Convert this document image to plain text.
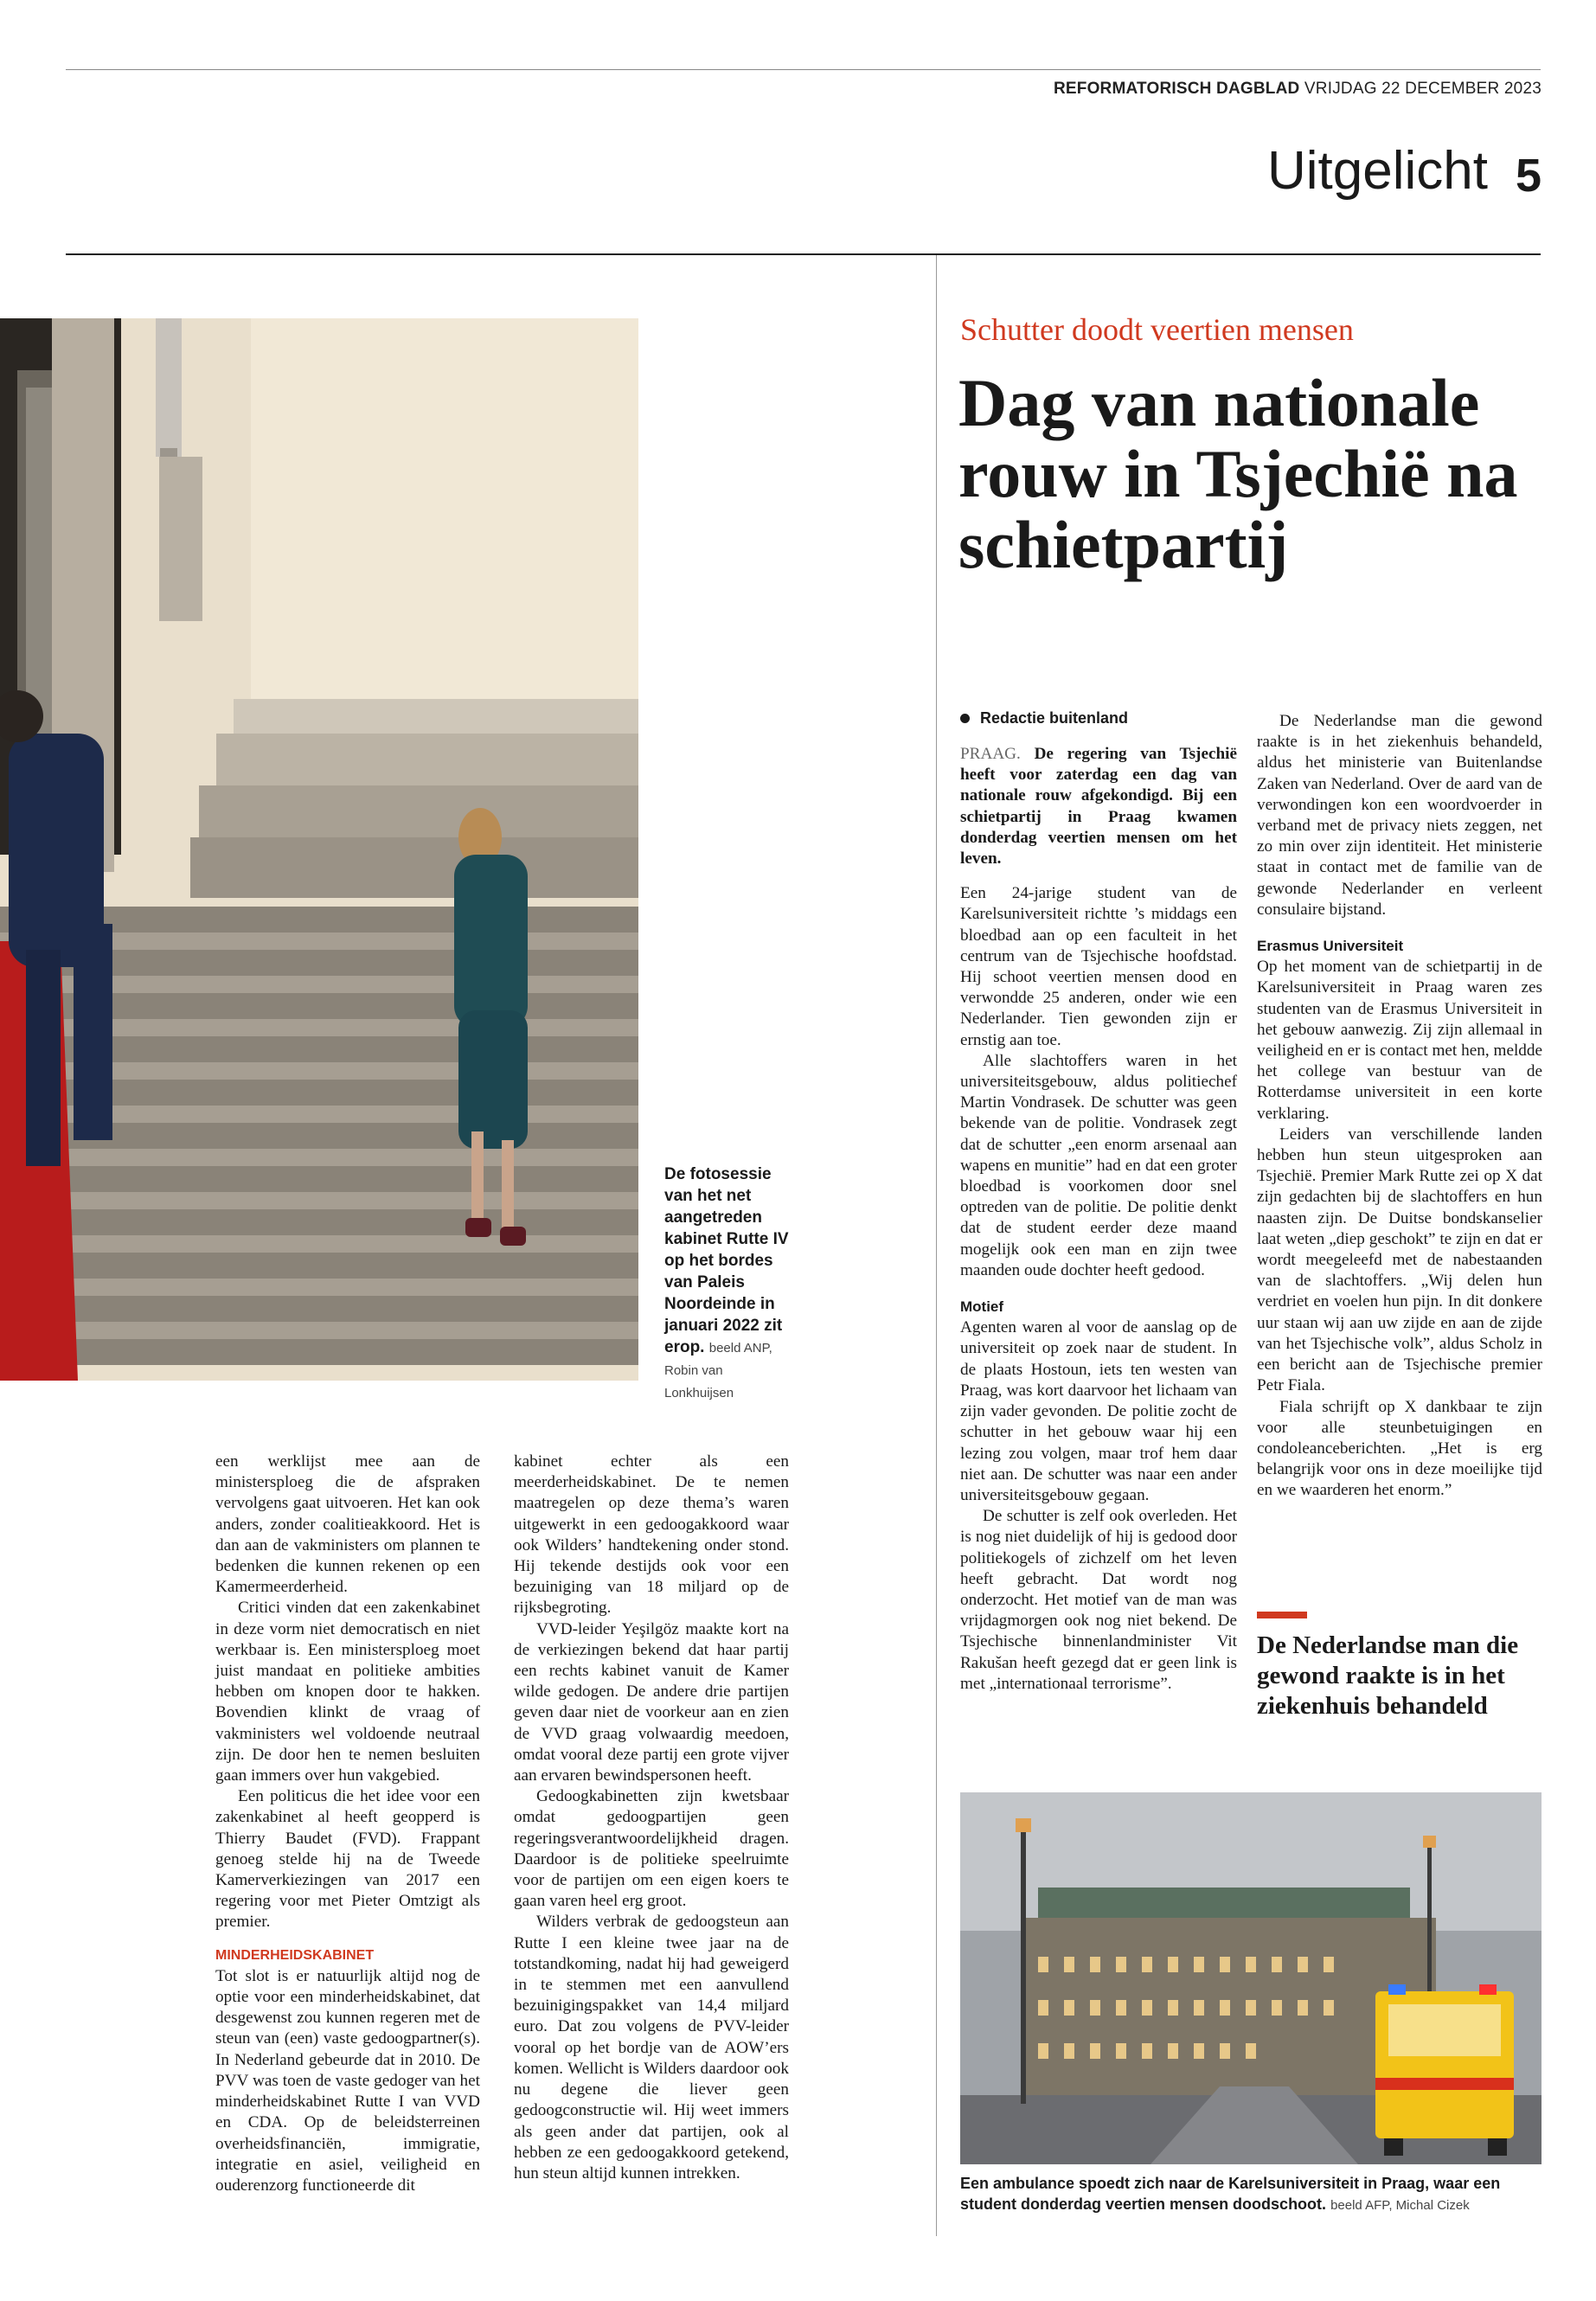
REFORMATORISCH DAGBLAD VRIJDAG 22 DECEMBER 2023
Uitgelicht 5
De fotosessie van het net aangetreden kabinet Rutte IV op het bordes van Paleis Noordeinde in januari 2022 zit erop. beeld ANP, Robin van Lonkhuijsen

een werklijst mee aan de ministersploeg die de afspraken vervolgens gaat uitvoeren. Het kan ook anders, zonder coalitieakkoord. Het is dan aan de vakministers om plannen te bedenken die kunnen rekenen op een Kamermeerderheid.

Critici vinden dat een zakenkabinet in deze vorm niet democratisch en niet werkbaar is. Een ministersploeg moet juist mandaat en politieke ambities hebben om knopen door te hakken. Bovendien klinkt de vraag of vakministers wel voldoende neutraal zijn. De door hen te nemen besluiten gaan immers over hun vakgebied.

Een politicus die het idee voor een zakenkabinet al heeft geopperd is Thierry Baudet (FVD). Frappant genoeg stelde hij na de Tweede Kamerverkiezingen van 2017 een regering voor met Pieter Omtzigt als premier.

MINDERHEIDSKABINET

Tot slot is er natuurlijk altijd nog de optie voor een minderheidskabinet, dat desgewenst zou kunnen regeren met de steun van (een) vaste gedoogpartner(s). In Nederland gebeurde dat in 2010. De PVV was toen de vaste gedoger van het minderheidskabinet Rutte I van VVD en CDA. Op de beleidsterreinen overheidsfinanciën, immigratie, integratie en asiel, veiligheid en ouderenzorg functioneerde dit

kabinet echter als een meerderheidskabinet. De te nemen maatregelen op deze thema’s waren uitgewerkt in een gedoogakkoord waar ook Wilders’ handtekening onder stond. Hij tekende destijds ook voor een bezuiniging van 18 miljard op de rijksbegroting.

VVD-leider Yeşilgöz maakte kort na de verkiezingen bekend dat haar partij een rechts kabinet vanuit de Kamer wilde gedogen. De andere drie partijen geven daar niet de voorkeur aan en zien de VVD graag volwaardig meedoen, omdat vooral deze partij een grote vijver aan ervaren bewindspersonen heeft.

Gedoogkabinetten zijn kwetsbaar omdat gedoogpartijen geen regeringsverantwoordelijkheid dragen. Daardoor is de politieke speelruimte voor de partijen om een eigen koers te gaan varen heel erg groot.

Wilders verbrak de gedoogsteun aan Rutte I een kleine twee jaar na de totstandkoming, nadat hij had geweigerd in te stemmen met een aanvullend bezuinigingspakket van 14,4 miljard euro. Dat zou volgens de PVV-leider vooral op het bordje van de AOW’ers komen. Wellicht is Wilders daardoor ook nu degene die liever geen gedoogconstructie wil. Hij weet immers als geen ander dat partijen, ook al hebben ze een gedoogakkoord getekend, hun steun altijd kunnen intrekken.

Schutter doodt veertien mensen
Dag van nationale rouw in Tsjechië na schietpartij
Redactie buitenland

PRAAG. De regering van Tsjechië heeft voor zaterdag een dag van nationale rouw afgekondigd. Bij een schietpartij in Praag kwamen donderdag veertien mensen om het leven.

Een 24-jarige student van de Karelsuniversiteit richtte ’s middags een bloedbad aan op een faculteit in het centrum van de Tsjechische hoofdstad. Hij schoot veertien mensen dood en verwondde 25 anderen, onder wie een Nederlander. Tien gewonden zijn er ernstig aan toe.

Alle slachtoffers waren in het universiteitsgebouw, aldus politiechef Martin Vondrasek. De schutter was geen bekende van de politie. Vondrasek zegt dat de schutter „een enorm arsenaal aan wapens en munitie” had en dat een groter bloedbad is voorkomen door snel optreden van de politie. De politie denkt dat de student eerder deze maand mogelijk ook een man en zijn twee maanden oude dochter heeft gedood.

Motief

Agenten waren al voor de aanslag op de universiteit op zoek naar de student. In de plaats Hostoun, iets ten westen van Praag, was kort daarvoor het lichaam van zijn vader gevonden. De politie zocht de schutter in het gebouw waar hij een lezing zou volgen, maar trof hem daar niet aan. De schutter was naar een ander universiteitsgebouw gegaan.

De schutter is zelf ook overleden. Het is nog niet duidelijk of hij is gedood door politiekogels of zichzelf om het leven heeft gebracht. Dat wordt nog onderzocht. Het motief van de man was vrijdagmorgen ook nog niet bekend. De Tsjechische binnenlandminister Vit Rakušan heeft gezegd dat er geen link is met „internationaal terrorisme”.

De Nederlandse man die gewond raakte is in het ziekenhuis behandeld, aldus het ministerie van Buitenlandse Zaken van Nederland. Over de aard van de verwondingen kon een woordvoerder in verband met de privacy niets zeggen, net zo min over zijn identiteit. Het ministerie staat in contact met de familie van de gewonde Nederlander en verleent consulaire bijstand.

Erasmus Universiteit

Op het moment van de schietpartij in de Karelsuniversiteit in Praag waren zes studenten van de Erasmus Universiteit in het gebouw aanwezig. Zij zijn allemaal in veiligheid en er is contact met hen, meldde het college van bestuur van de Rotterdamse universiteit in een korte verklaring.

Leiders van verschillende landen hebben hun steun uitgesproken aan Tsjechië. Premier Mark Rutte zei op X dat zijn gedachten bij de slachtoffers en hun naasten zijn. De Duitse bondskanselier laat weten „diep geschokt” te zijn en dat er wordt meegeleefd met de nabestaanden van de slachtoffers. „Wij delen hun verdriet en voelen hun pijn. In dit donkere uur staan wij aan uw zijde en aan de zijde van het Tsjechische volk”, aldus Scholz in een bericht aan de Tsjechische premier Petr Fiala.

Fiala schrijft op X dankbaar te zijn voor alle steunbetuigingen en condoleanceberichten. „Het is erg belangrijk voor ons in deze moeilijke tijd en we waarderen het enorm.”

De Nederlandse man die gewond raakte is in het ziekenhuis behandeld
Een ambulance spoedt zich naar de Karelsuniversiteit in Praag, waar een student donderdag veertien mensen doodschoot. beeld AFP, Michal Cizek
